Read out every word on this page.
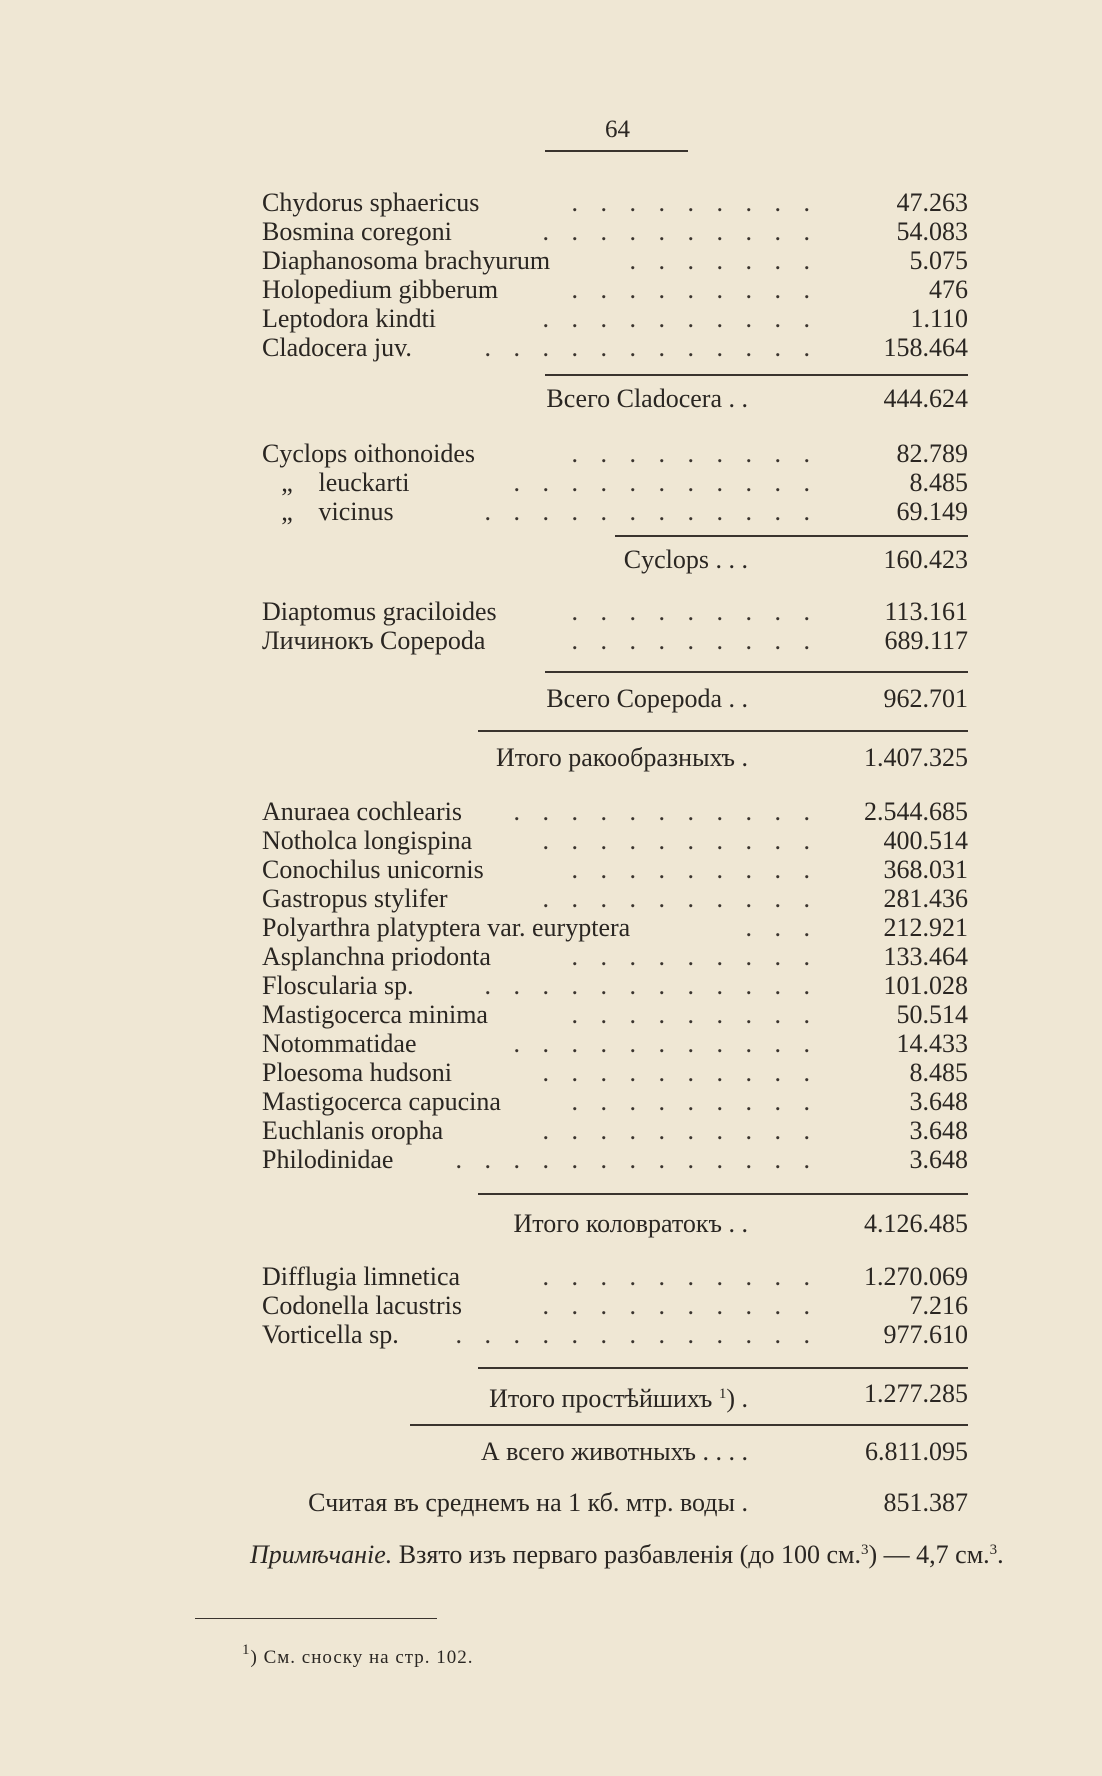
64
Chydorus sphaericus	. . . . . . . . .	47.263
Bosmina coregoni	. . . . . . . . . .	54.083
Diaphanosoma brachyurum	. . . . . . .	5.075
Holopedium gibberum	. . . . . . . . .	476
Leptodora kindti	. . . . . . . . . .	1.110
Cladocera juv.	. . . . . . . . . . . .	158.464
Всего Cladocera . .	444.624
Cyclops oithonoides	. . . . . . . . .	82.789
„ leuckarti	. . . . . . . . . . .	8.485
„ vicinus	. . . . . . . . . . . .	69.149
Cyclops . . .	160.423
Diaptomus graciloides	. . . . . . . . .	113.161
Личинокъ Copepoda	. . . . . . . . .	689.117
Всего Copepoda . .	962.701
Итого ракообразныхъ .	1.407.325
Anuraea cochlearis . . . . . . . . . . . 2.544.685
Notholca longispina	. . . . . . . . . .	400.514
Conochilus unicornis	. . . . . . . . .	368.031
Gastropus stylifer	. . . . . . . . . .	281.436
Polyarthra platyptera var. euryptera	. . .	212.921
Asplanchna priodonta	. . . . . . . . .	133.464
Floscularia sp.	. . . . . . . . . . . .	101.028
Mastigocerca minima	. . . . . . . . .	50.514
Notommatidae	. . . . . . . . . . .	14.433
Ploesoma hudsoni	. . . . . . . . . .	8.485
Mastigocerca capucina	. . . . . . . . .	3.648
Euchlanis oropha	. . . . . . . . . .	3.648
Philodinidae . . . . . . . . . . . . .	3.648
Итого коловратокъ . .	4.126.485
Difflugia limnetica	. . . . . . . . . . 1.270.069
Codonella lacustris	. . . . . . . . . .	7.216
Vorticella sp. . . . . . . . . . . . . .	977.610
Итого простѣйшихъ $^1$) .	1.277.285
А всего животныхъ . . . .	6.811.095
Считая въ среднемъ на 1 кб. мтр. воды .	851.387
Примѣчаніе. Взято изъ перваго разбавленія (до 100 см.$^3$) — 4,7 см.$^3$.
$^1$) См. сноску на стр. 102.
